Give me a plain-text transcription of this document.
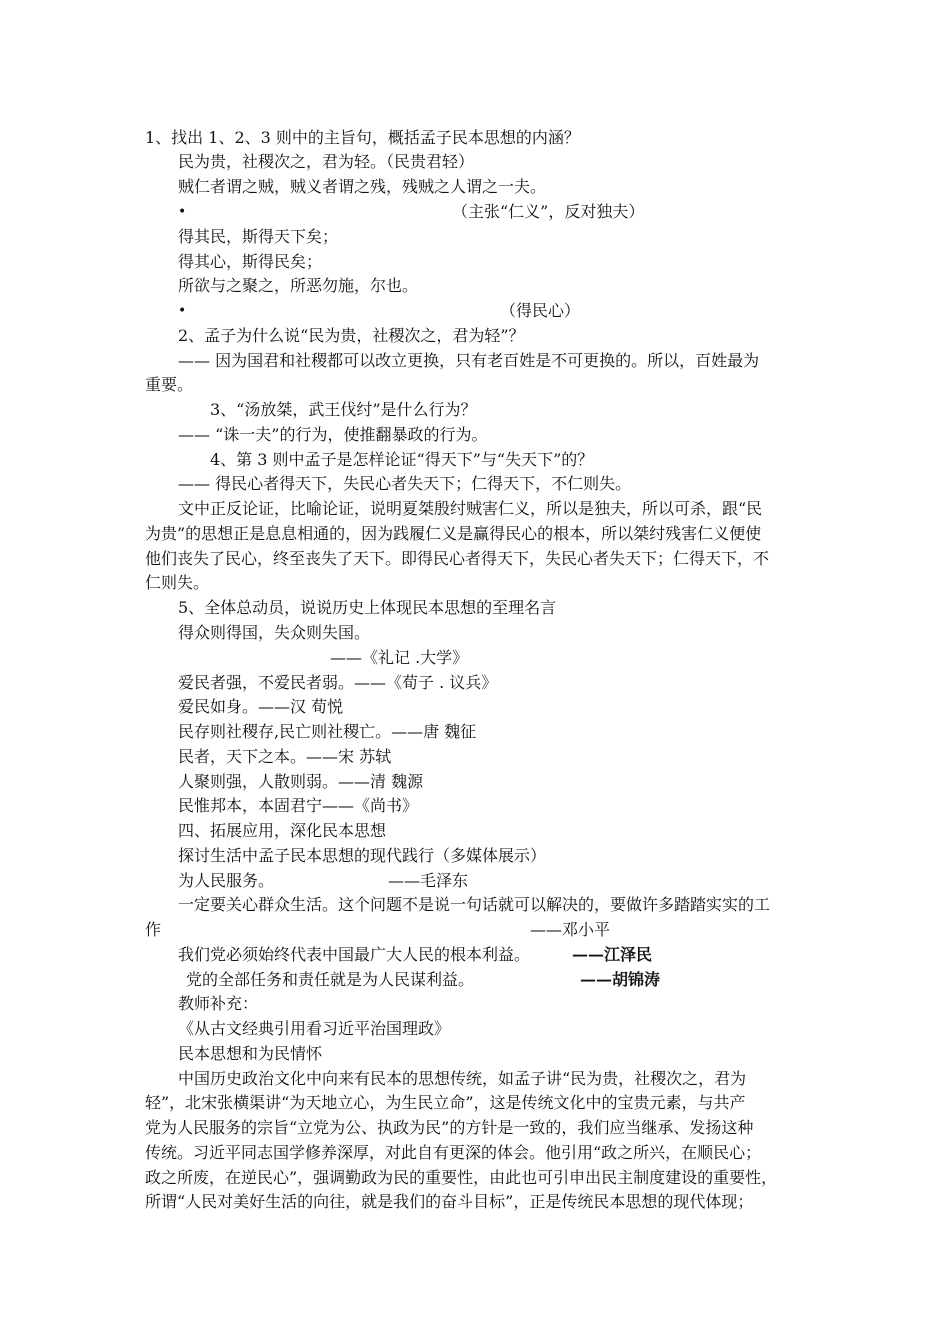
1、找出 1、2、3 则中的主旨句，概括孟子民本思想的内涵？
民为贵，社稷次之，君为轻。（民贵君轻）
贼仁者谓之贼，贼义者谓之残，残贼之人谓之一夫。
•	（主张“仁义”，反对独夫）
得其民，斯得天下矣；
得其心，斯得民矣；
所欲与之聚之，所恶勿施，尔也。
•	（得民心）
2、孟子为什么说“民为贵，社稷次之，君为轻”？
—— 因为国君和社稷都可以改立更换，只有老百姓是不可更换的。所以，百姓最为
重要。
3、“汤放桀，武王伐纣”是什么行为？
—— “诛一夫”的行为，使推翻暴政的行为。
4、第 3 则中孟子是怎样论证“得天下”与“失天下”的？
—— 得民心者得天下，失民心者失天下；仁得天下，不仁则失。
文中正反论证，比喻论证，说明夏桀殷纣贼害仁义，所以是独夫，所以可杀，跟“民
为贵”的思想正是息息相通的，因为践履仁义是赢得民心的根本，所以桀纣残害仁义便使
他们丧失了民心，终至丧失了天下。即得民心者得天下，失民心者失天下；仁得天下，不
仁则失。
5、全体总动员，说说历史上体现民本思想的至理名言
得众则得国，失众则失国。
——《礼记 .大学》
爱民者强，不爱民者弱。——《荀子 . 议兵》
爱民如身。——汉 荀悦
民存则社稷存,民亡则社稷亡。——唐 魏征
民者，天下之本。——宋 苏轼
人聚则强，人散则弱。——清 魏源
民惟邦本，本固君宁——《尚书》
四、拓展应用，深化民本思想
探讨生活中孟子民本思想的现代践行（多媒体展示）
为人民服务。	——毛泽东
一定要关心群众生活。这个问题不是说一句话就可以解决的，要做许多踏踏实实的工
作	——邓小平
我们党必须始终代表中国最广大人民的根本利益。	——江泽民
党的全部任务和责任就是为人民谋利益。	——胡锦涛
教师补充：
《从古文经典引用看习近平治国理政》
民本思想和为民情怀
中国历史政治文化中向来有民本的思想传统，如孟子讲“民为贵，社稷次之，君为
轻”，北宋张横渠讲“为天地立心，为生民立命”，这是传统文化中的宝贵元素，与共产
党为人民服务的宗旨“立党为公、执政为民”的方针是一致的，我们应当继承、发扬这种
传统。习近平同志国学修养深厚，对此自有更深的体会。他引用“政之所兴，在顺民心；
政之所废，在逆民心”，强调勤政为民的重要性，由此也可引申出民主制度建设的重要性，
所谓“人民对美好生活的向往，就是我们的奋斗目标”，正是传统民本思想的现代体现；
